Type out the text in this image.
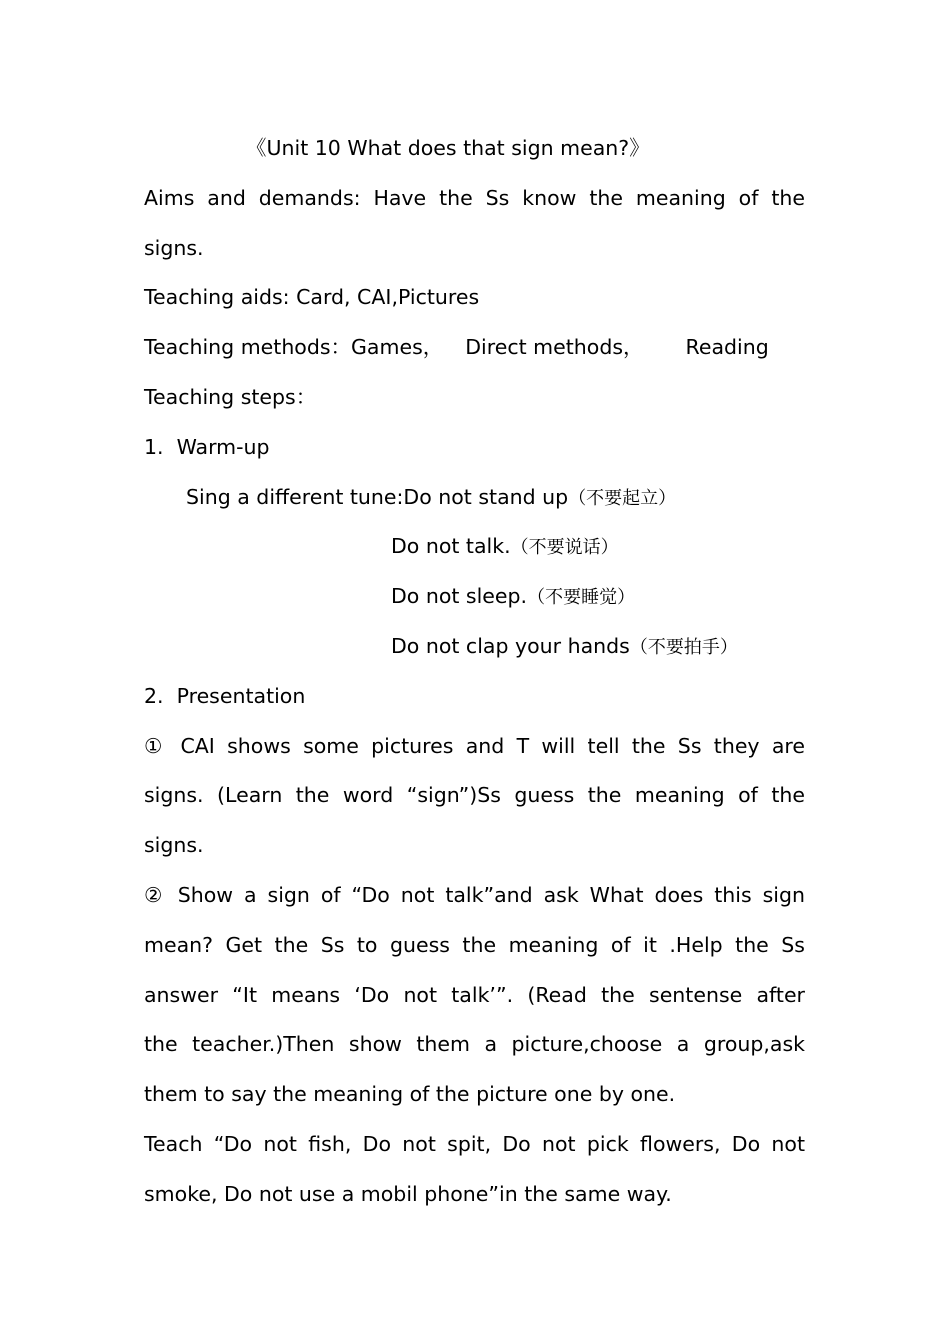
《Unit 10 What does that sign mean?》
Aims and demands: Have the Ss know the meaning of the
signs.
Teaching aids: Card, CAI,Pictures
Teaching methods：Games， Direct methods， Reading
Teaching steps：
1.  Warm-up
Sing a different tune:Do not stand up（不要起立）
Do not talk.（不要说话）
Do not sleep.（不要睡觉）
Do not clap your hands（不要拍手）
2.  Presentation
① CAI shows some pictures and T will tell the Ss they are
signs. (Learn the word “sign”)Ss guess the meaning of the
signs.
② Show a sign of “Do not talk”and ask What does this sign
mean? Get the Ss to guess the meaning of it .Help the Ss
answer “It means ‘Do not talk’”. (Read the sentense after
the teacher.)Then show them a picture,choose a group,ask
them to say the meaning of the picture one by one.
Teach “Do not fish, Do not spit, Do not pick flowers, Do not
smoke, Do not use a mobil phone”in the same way.
